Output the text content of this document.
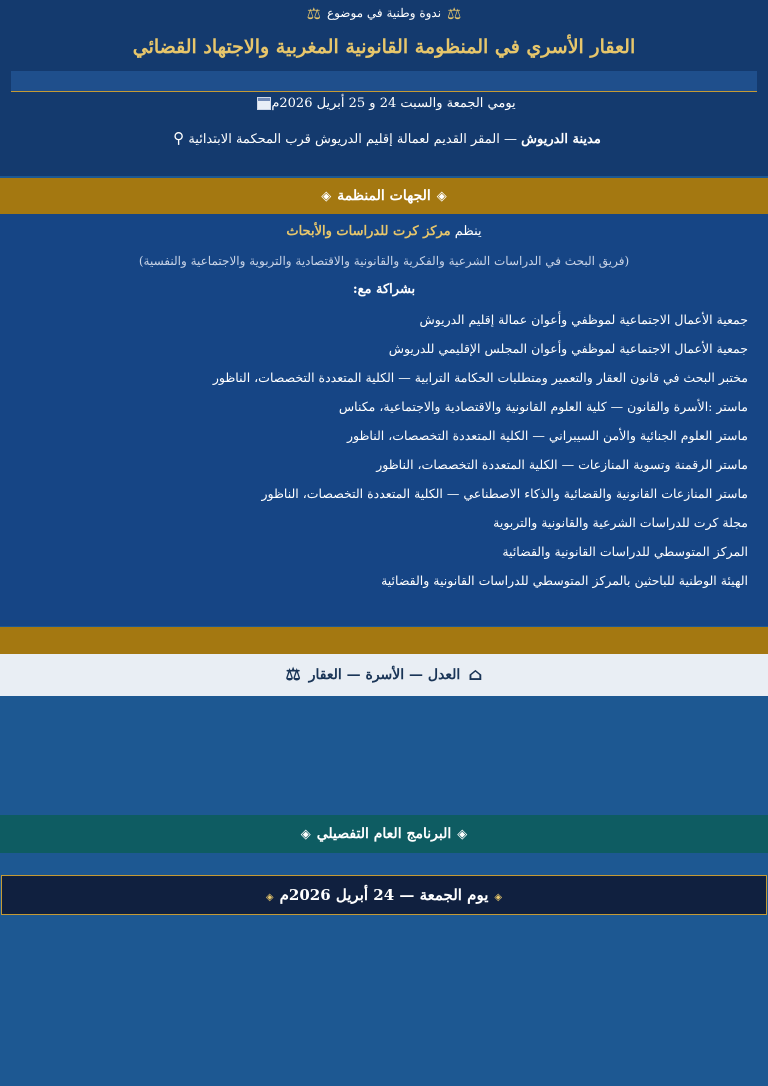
⚖ندوة وطنية في موضوع⚖
العقار الأسري في المنظومة القانونية المغربية والاجتهاد القضائي
يومي الجمعة والسبت 24 و 25 أبريل 2026م
مدينة الدريوش — المقر القديم لعمالة إقليم الدريوش قرب المحكمة الابتدائية ⚲
◈الجهات المنظمة◈
ينظم مركز كرت للدراسات والأبحاث
(فريق البحث في الدراسات الشرعية والفكرية والقانونية والاقتصادية والتربوية والاجتماعية والنفسية)
بشراكة مع:
جمعية الأعمال الاجتماعية لموظفي وأعوان عمالة إقليم الدريوش
جمعية الأعمال الاجتماعية لموظفي وأعوان المجلس الإقليمي للدريوش
مختبر البحث في قانون العقار والتعمير ومتطلبات الحكامة الترابية — الكلية المتعددة التخصصات، الناظور
ماستر :الأسرة والقانون — كلية العلوم القانونية والاقتصادية والاجتماعية، مكناس
ماستر العلوم الجنائية والأمن السيبراني — الكلية المتعددة التخصصات، الناظور
ماستر الرقمنة وتسوية المنازعات — الكلية المتعددة التخصصات، الناظور
ماستر المنازعات القانونية والقضائية والذكاء الاصطناعي — الكلية المتعددة التخصصات، الناظور
مجلة كرت للدراسات الشرعية والقانونية والتربوية
المركز المتوسطي للدراسات القانونية والقضائية
الهيئة الوطنية للباحثين بالمركز المتوسطي للدراسات القانونية والقضائية
⌂العدل — الأسرة — العقار⚖
◈البرنامج العام التفصيلي◈
◈يوم الجمعة — 24 أبريل 2026م◈
